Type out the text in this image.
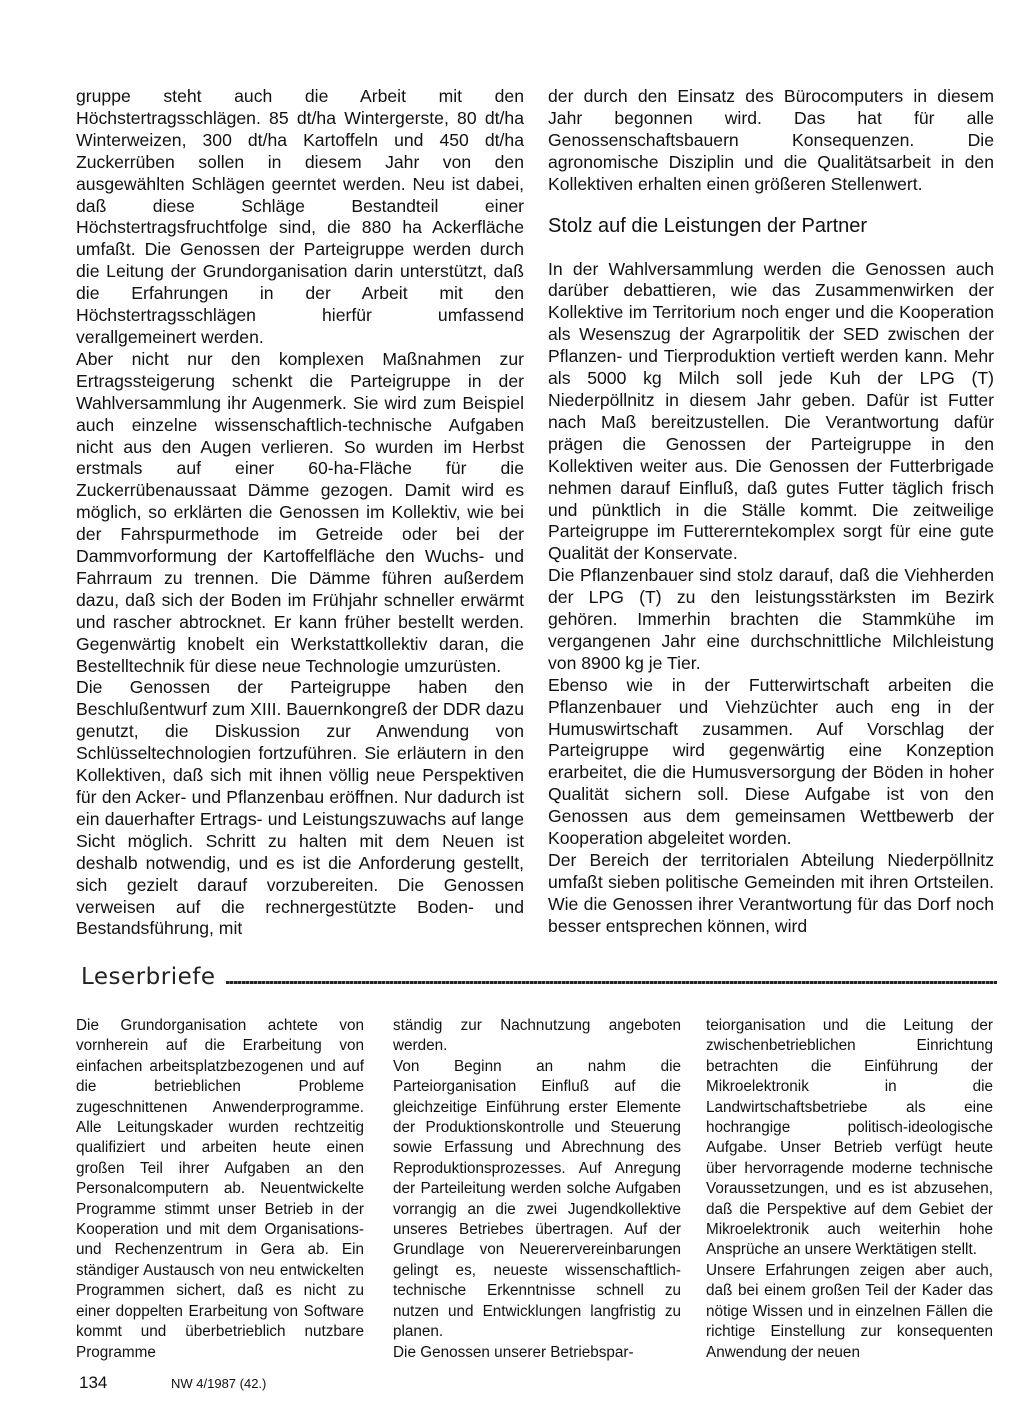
gruppe steht auch die Arbeit mit den Höchstertragsschlägen. 85 dt/ha Wintergerste, 80 dt/ha Winterweizen, 300 dt/ha Kartoffeln und 450 dt/ha Zuckerrüben sollen in diesem Jahr von den ausgewählten Schlägen geerntet werden. Neu ist dabei, daß diese Schläge Bestandteil einer Höchstertragsfruchtfolge sind, die 880 ha Ackerfläche umfaßt. Die Genossen der Parteigruppe werden durch die Leitung der Grundorganisation darin unterstützt, daß die Erfahrungen in der Arbeit mit den Höchstertragsschlägen hierfür umfassend verallgemeinert werden.

Aber nicht nur den komplexen Maßnahmen zur Ertragssteigerung schenkt die Parteigruppe in der Wahlversammlung ihr Augenmerk. Sie wird zum Beispiel auch einzelne wissenschaftlich-technische Aufgaben nicht aus den Augen verlieren. So wurden im Herbst erstmals auf einer 60-ha-Fläche für die Zuckerrübenaussaat Dämme gezogen. Damit wird es möglich, so erklärten die Genossen im Kollektiv, wie bei der Fahrspurmethode im Getreide oder bei der Dammvorformung der Kartoffelfläche den Wuchs- und Fahrraum zu trennen. Die Dämme führen außerdem dazu, daß sich der Boden im Frühjahr schneller erwärmt und rascher abtrocknet. Er kann früher bestellt werden. Gegenwärtig knobelt ein Werkstattkollektiv daran, die Bestelltechnik für diese neue Technologie umzurüsten.

Die Genossen der Parteigruppe haben den Beschlußentwurf zum XIII. Bauernkongreß der DDR dazu genutzt, die Diskussion zur Anwendung von Schlüsseltechnologien fortzuführen. Sie erläutern in den Kollektiven, daß sich mit ihnen völlig neue Perspektiven für den Acker- und Pflanzenbau eröffnen. Nur dadurch ist ein dauerhafter Ertrags- und Leistungszuwachs auf lange Sicht möglich. Schritt zu halten mit dem Neuen ist deshalb notwendig, und es ist die Anforderung gestellt, sich gezielt darauf vorzubereiten. Die Genossen verweisen auf die rechnergestützte Boden- und Bestandsführung, mit

der durch den Einsatz des Bürocomputers in diesem Jahr begonnen wird. Das hat für alle Genossenschaftsbauern Konsequenzen. Die agronomische Disziplin und die Qualitätsarbeit in den Kollektiven erhalten einen größeren Stellenwert.

Stolz auf die Leistungen der Partner

In der Wahlversammlung werden die Genossen auch darüber debattieren, wie das Zusammenwirken der Kollektive im Territorium noch enger und die Kooperation als Wesenszug der Agrarpolitik der SED zwischen der Pflanzen- und Tierproduktion vertieft werden kann. Mehr als 5000 kg Milch soll jede Kuh der LPG (T) Niederpöllnitz in diesem Jahr geben. Dafür ist Futter nach Maß bereitzustellen. Die Verantwortung dafür prägen die Genossen der Parteigruppe in den Kollektiven weiter aus. Die Genossen der Futterbrigade nehmen darauf Einfluß, daß gutes Futter täglich frisch und pünktlich in die Ställe kommt. Die zeitweilige Parteigruppe im Futtererntekomplex sorgt für eine gute Qualität der Konservate.

Die Pflanzenbauer sind stolz darauf, daß die Viehherden der LPG (T) zu den leistungsstärksten im Bezirk gehören. Immerhin brachten die Stammkühe im vergangenen Jahr eine durchschnittliche Milchleistung von 8900 kg je Tier.

Ebenso wie in der Futterwirtschaft arbeiten die Pflanzenbauer und Viehzüchter auch eng in der Humuswirtschaft zusammen. Auf Vorschlag der Parteigruppe wird gegenwärtig eine Konzeption erarbeitet, die die Humusversorgung der Böden in hoher Qualität sichern soll. Diese Aufgabe ist von den Genossen aus dem gemeinsamen Wettbewerb der Kooperation abgeleitet worden.

Der Bereich der territorialen Abteilung Niederpöllnitz umfaßt sieben politische Gemeinden mit ihren Ortsteilen. Wie die Genossen ihrer Verantwortung für das Dorf noch besser entsprechen können, wird

Leserbriefe

Die Grundorganisation achtete von vornherein auf die Erarbeitung von einfachen arbeitsplatzbezogenen und auf die betrieblichen Probleme zugeschnittenen Anwenderprogramme. Alle Leitungskader wurden rechtzeitig qualifiziert und arbeiten heute einen großen Teil ihrer Aufgaben an den Personalcomputern ab. Neuentwickelte Programme stimmt unser Betrieb in der Kooperation und mit dem Organisations- und Rechenzentrum in Gera ab. Ein ständiger Austausch von neu entwickelten Programmen sichert, daß es nicht zu einer doppelten Erarbeitung von Software kommt und überbetrieblich nutzbare Programme

ständig zur Nachnutzung angeboten werden.

Von Beginn an nahm die Parteiorganisation Einfluß auf die gleichzeitige Einführung erster Elemente der Produktionskontrolle und Steuerung sowie Erfassung und Abrechnung des Reproduktionsprozesses. Auf Anregung der Parteileitung werden solche Aufgaben vorrangig an die zwei Jugendkollektive unseres Betriebes übertragen. Auf der Grundlage von Neuerervereinbarungen gelingt es, neueste wissenschaftlich-technische Erkenntnisse schnell zu nutzen und Entwicklungen langfristig zu planen.

Die Genossen unserer Betriebspar-

teiorganisation und die Leitung der zwischenbetrieblichen Einrichtung betrachten die Einführung der Mikroelektronik in die Landwirtschaftsbetriebe als eine hochrangige politisch-ideologische Aufgabe. Unser Betrieb verfügt heute über hervorragende moderne technische Voraussetzungen, und es ist abzusehen, daß die Perspektive auf dem Gebiet der Mikroelektronik auch weiterhin hohe Ansprüche an unsere Werktätigen stellt.

Unsere Erfahrungen zeigen aber auch, daß bei einem großen Teil der Kader das nötige Wissen und in einzelnen Fällen die richtige Einstellung zur konsequenten Anwendung der neuen

134	NW 4/1987 (42.)
